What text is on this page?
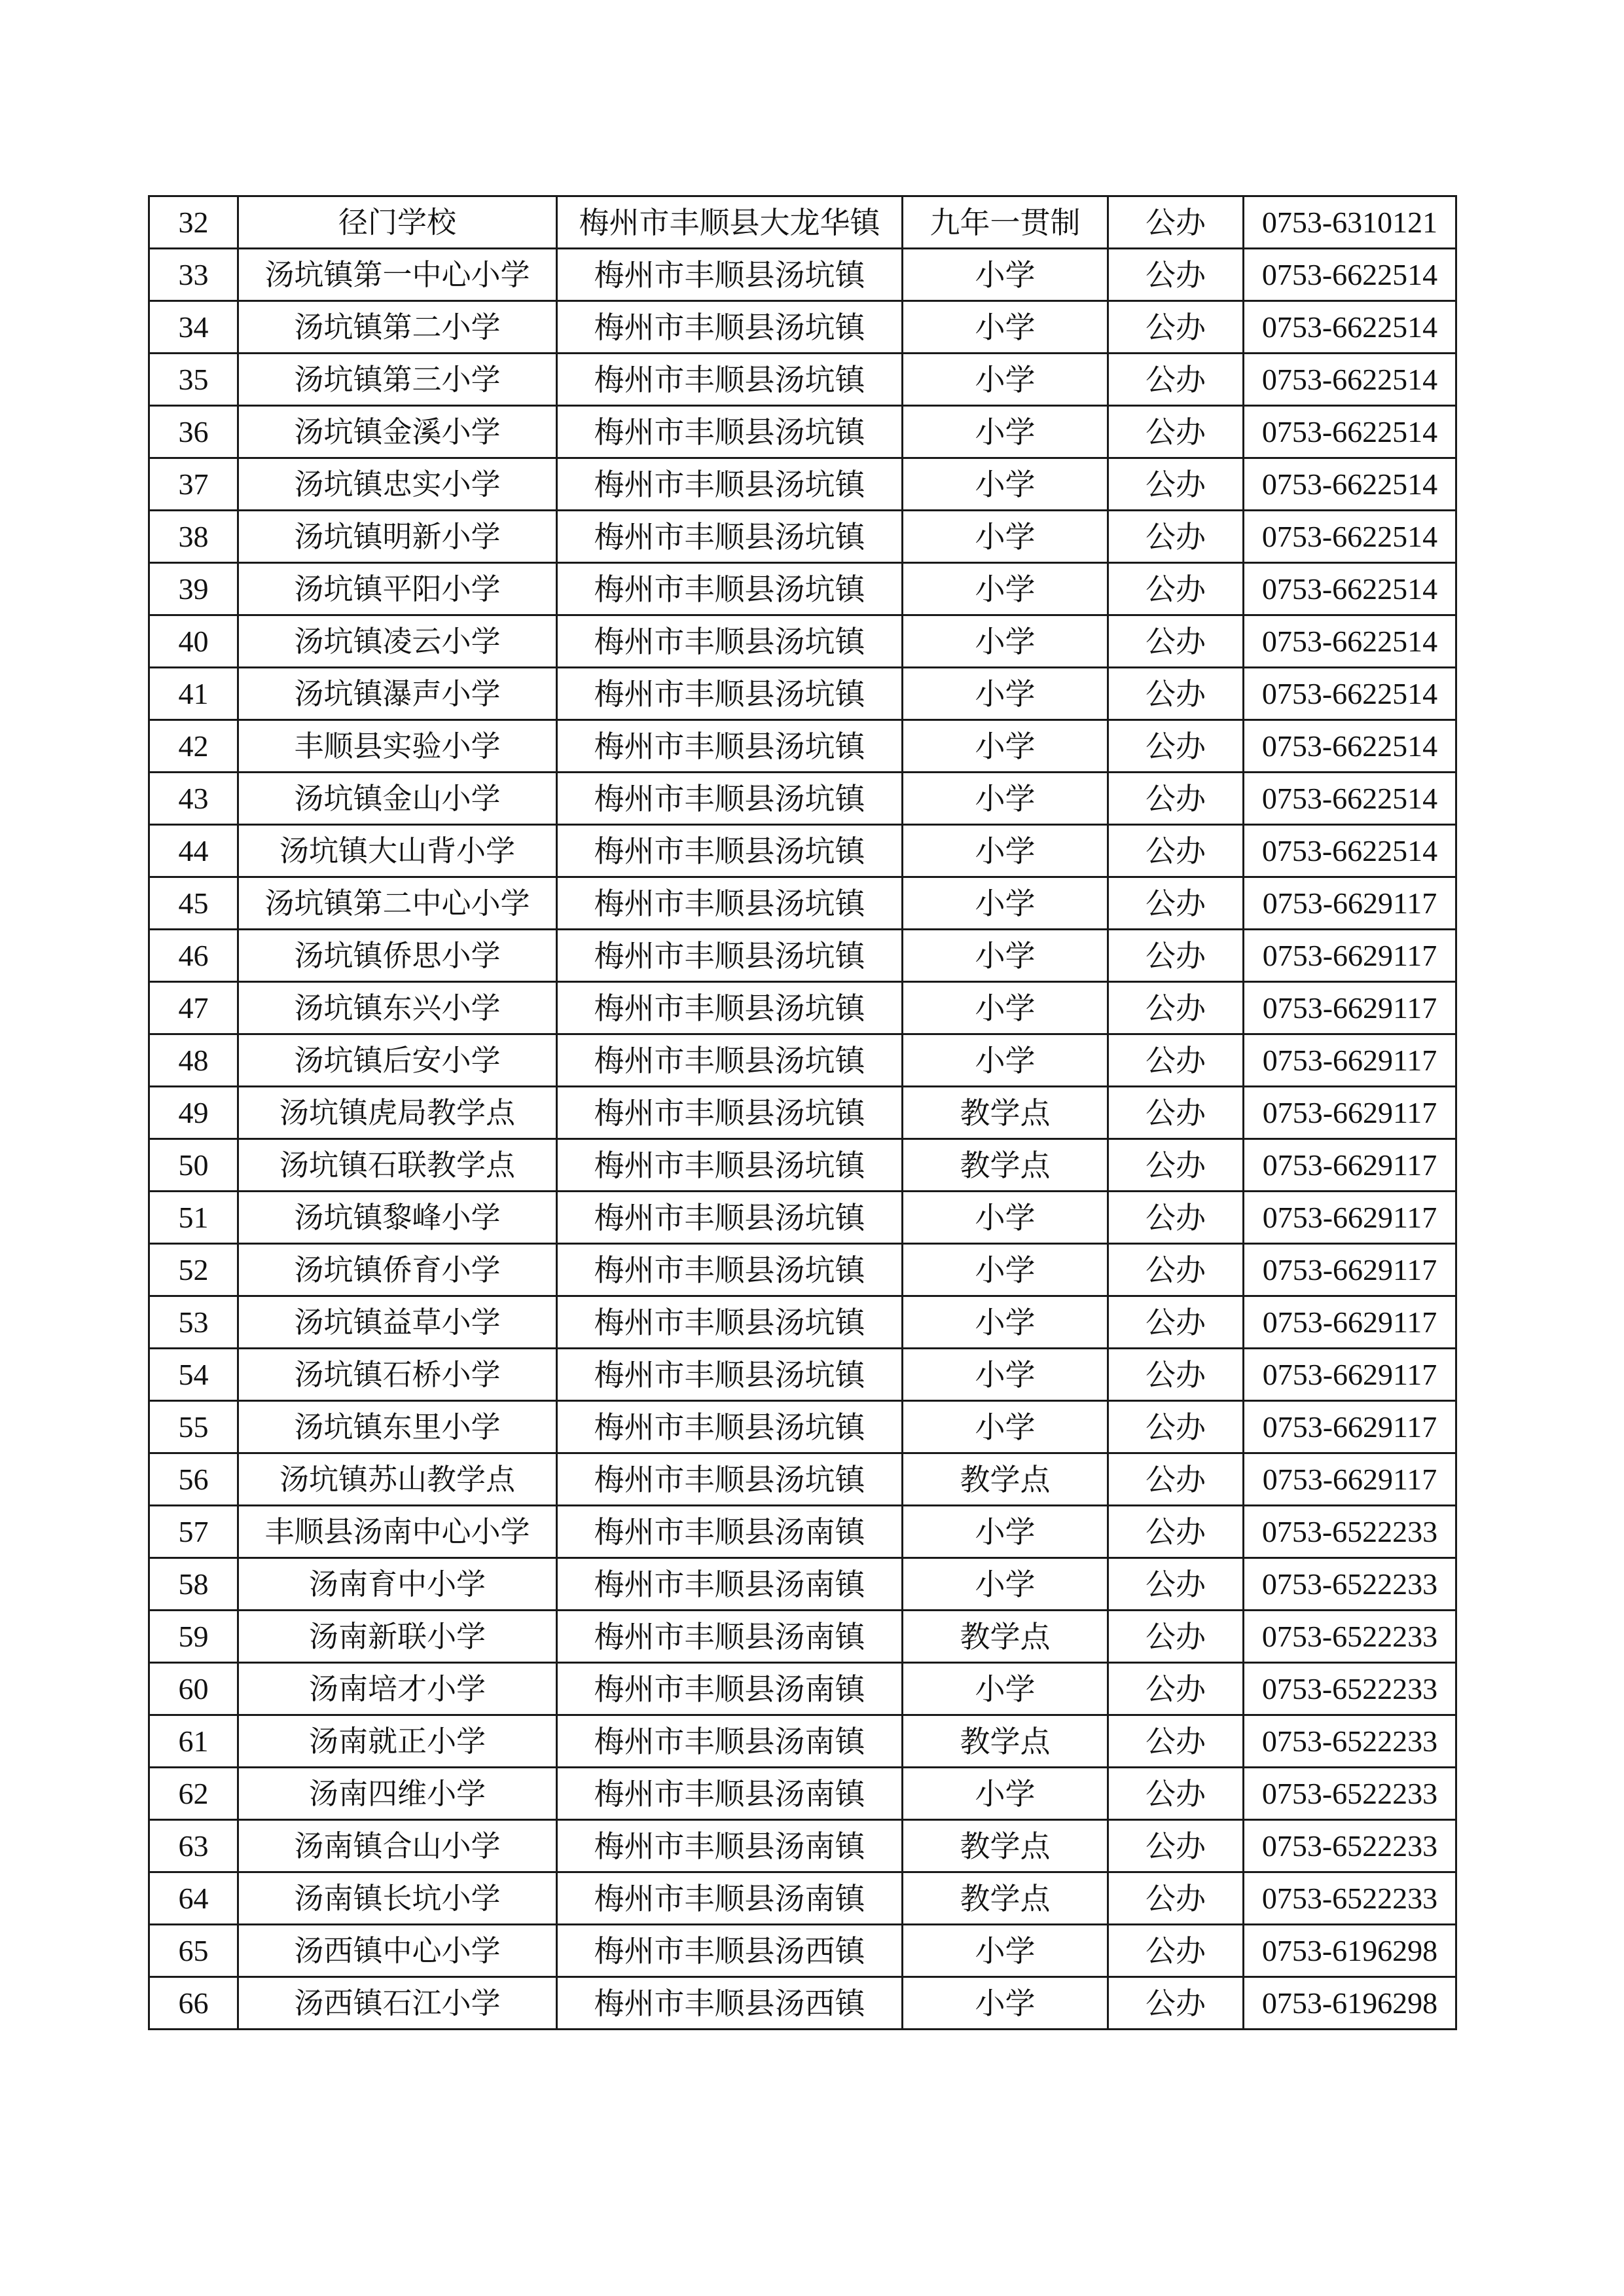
32	径门学校	梅州市丰顺县大龙华镇	九年一贯制	公办	0753-6310121
33	汤坑镇第一中心小学	梅州市丰顺县汤坑镇	小学	公办	0753-6622514
34	汤坑镇第二小学	梅州市丰顺县汤坑镇	小学	公办	0753-6622514
35	汤坑镇第三小学	梅州市丰顺县汤坑镇	小学	公办	0753-6622514
36	汤坑镇金溪小学	梅州市丰顺县汤坑镇	小学	公办	0753-6622514
37	汤坑镇忠实小学	梅州市丰顺县汤坑镇	小学	公办	0753-6622514
38	汤坑镇明新小学	梅州市丰顺县汤坑镇	小学	公办	0753-6622514
39	汤坑镇平阳小学	梅州市丰顺县汤坑镇	小学	公办	0753-6622514
40	汤坑镇凌云小学	梅州市丰顺县汤坑镇	小学	公办	0753-6622514
41	汤坑镇瀑声小学	梅州市丰顺县汤坑镇	小学	公办	0753-6622514
42	丰顺县实验小学	梅州市丰顺县汤坑镇	小学	公办	0753-6622514
43	汤坑镇金山小学	梅州市丰顺县汤坑镇	小学	公办	0753-6622514
44	汤坑镇大山背小学	梅州市丰顺县汤坑镇	小学	公办	0753-6622514
45	汤坑镇第二中心小学	梅州市丰顺县汤坑镇	小学	公办	0753-6629117
46	汤坑镇侨思小学	梅州市丰顺县汤坑镇	小学	公办	0753-6629117
47	汤坑镇东兴小学	梅州市丰顺县汤坑镇	小学	公办	0753-6629117
48	汤坑镇后安小学	梅州市丰顺县汤坑镇	小学	公办	0753-6629117
49	汤坑镇虎局教学点	梅州市丰顺县汤坑镇	教学点	公办	0753-6629117
50	汤坑镇石联教学点	梅州市丰顺县汤坑镇	教学点	公办	0753-6629117
51	汤坑镇黎峰小学	梅州市丰顺县汤坑镇	小学	公办	0753-6629117
52	汤坑镇侨育小学	梅州市丰顺县汤坑镇	小学	公办	0753-6629117
53	汤坑镇益草小学	梅州市丰顺县汤坑镇	小学	公办	0753-6629117
54	汤坑镇石桥小学	梅州市丰顺县汤坑镇	小学	公办	0753-6629117
55	汤坑镇东里小学	梅州市丰顺县汤坑镇	小学	公办	0753-6629117
56	汤坑镇苏山教学点	梅州市丰顺县汤坑镇	教学点	公办	0753-6629117
57	丰顺县汤南中心小学	梅州市丰顺县汤南镇	小学	公办	0753-6522233
58	汤南育中小学	梅州市丰顺县汤南镇	小学	公办	0753-6522233
59	汤南新联小学	梅州市丰顺县汤南镇	教学点	公办	0753-6522233
60	汤南培才小学	梅州市丰顺县汤南镇	小学	公办	0753-6522233
61	汤南就正小学	梅州市丰顺县汤南镇	教学点	公办	0753-6522233
62	汤南四维小学	梅州市丰顺县汤南镇	小学	公办	0753-6522233
63	汤南镇合山小学	梅州市丰顺县汤南镇	教学点	公办	0753-6522233
64	汤南镇长坑小学	梅州市丰顺县汤南镇	教学点	公办	0753-6522233
65	汤西镇中心小学	梅州市丰顺县汤西镇	小学	公办	0753-6196298
66	汤西镇石江小学	梅州市丰顺县汤西镇	小学	公办	0753-6196298
